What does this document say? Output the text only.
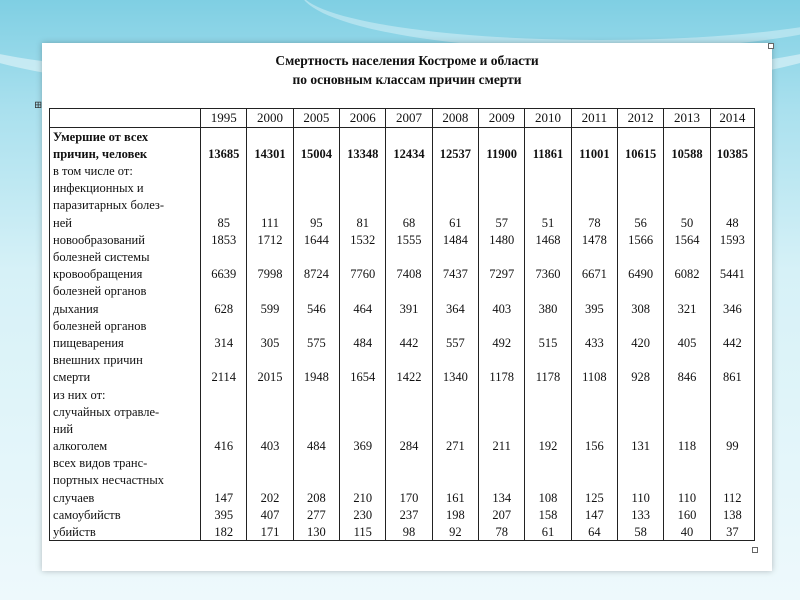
Смертность населения Костроме и области
по основным классам причин смерти
⊞
	1995	2000	2005	2006	2007	2008	2009	2010	2011	2012	2013	2014
Умершие от всех												
причин, человек	13685	14301	15004	13348	12434	12537	11900	11861	11001	10615	10588	10385
в том числе от:												
инфекционных и												
паразитарных болез-												
ней	85	111	95	81	68	61	57	51	78	56	50	48
новообразований	1853	1712	1644	1532	1555	1484	1480	1468	1478	1566	1564	1593
болезней системы												
кровообращения	6639	7998	8724	7760	7408	7437	7297	7360	6671	6490	6082	5441
болезней органов												
дыхания	628	599	546	464	391	364	403	380	395	308	321	346
болезней органов												
пищеварения	314	305	575	484	442	557	492	515	433	420	405	442
внешних причин												
смерти	2114	2015	1948	1654	1422	1340	1178	1178	1108	928	846	861
из них от:												
случайных отравле-												
ний												
алкоголем	416	403	484	369	284	271	211	192	156	131	118	99
всех видов транс-												
портных несчастных												
случаев	147	202	208	210	170	161	134	108	125	110	110	112
самоубийств	395	407	277	230	237	198	207	158	147	133	160	138
убийств	182	171	130	115	98	92	78	61	64	58	40	37
